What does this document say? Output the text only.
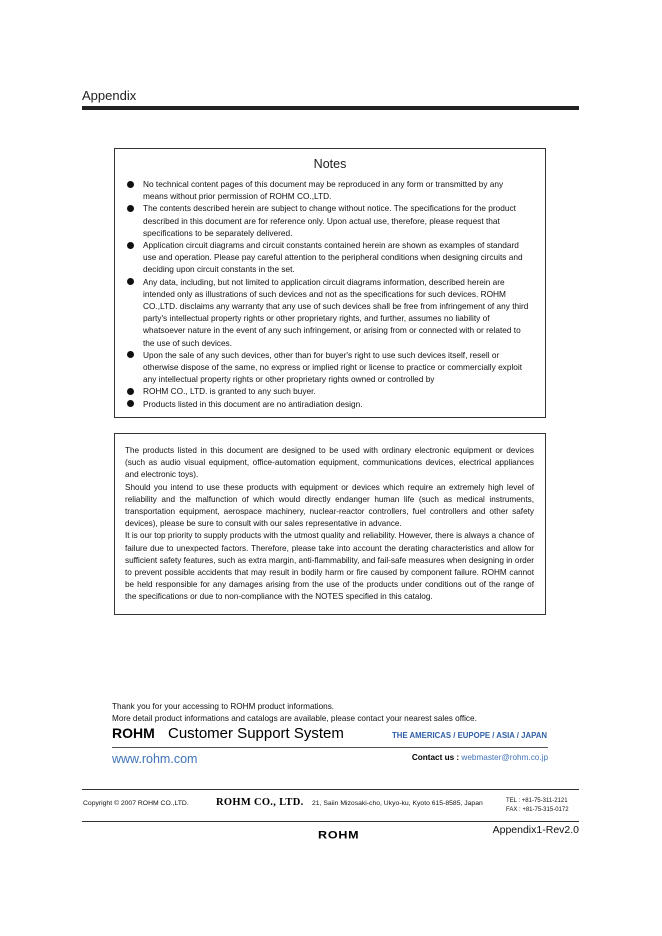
Appendix
Notes
No technical content pages of this document may be reproduced in any form or transmitted by any means without prior permission of ROHM CO.,LTD.
The contents described herein are subject to change without notice. The specifications for the product described in this document are for reference only. Upon actual use, therefore, please request that specifications to be separately delivered.
Application circuit diagrams and circuit constants contained herein are shown as examples of standard use and operation. Please pay careful attention to the peripheral conditions when designing circuits and deciding upon circuit constants in the set.
Any data, including, but not limited to application circuit diagrams information, described herein are intended only as illustrations of such devices and not as the specifications for such devices. ROHM CO.,LTD. disclaims any warranty that any use of such devices shall be free from infringement of any third party's intellectual property rights or other proprietary rights, and further, assumes no liability of whatsoever nature in the event of any such infringement, or arising from or connected with or related to the use of such devices.
Upon the sale of any such devices, other than for buyer's right to use such devices itself, resell or otherwise dispose of the same, no express or implied right or license to practice or commercially exploit any intellectual property rights or other proprietary rights owned or controlled by
ROHM CO., LTD. is granted to any such buyer.
Products listed in this document are no antiradiation design.

The products listed in this document are designed to be used with ordinary electronic equipment or devices (such as audio visual equipment, office-automation equipment, communications devices, electrical appliances and electronic toys).

Should you intend to use these products with equipment or devices which require an extremely high level of reliability and the malfunction of which would directly endanger human life (such as medical instruments, transportation equipment, aerospace machinery, nuclear-reactor controllers, fuel controllers and other safety devices), please be sure to consult with our sales representative in advance.

It is our top priority to supply products with the utmost quality and reliability. However, there is always a chance of failure due to unexpected factors. Therefore, please take into account the derating characteristics and allow for sufficient safety features, such as extra margin, anti-flammability, and fail-safe measures when designing in order to prevent possible accidents that may result in bodily harm or fire caused by component failure. ROHM cannot be held responsible for any damages arising from the use of the products under conditions out of the range of the specifications or due to non-compliance with the NOTES specified in this catalog.

Thank you for your accessing to ROHM product informations.

More detail product informations and catalogs are available, please contact your nearest sales office.

ROHM Customer Support System	THE AMERICAS / EUPOPE / ASIA / JAPAN
www.rohm.com	Contact us : webmaster@rohm.co.jp
Copyright © 2007 ROHM CO.,LTD.	ROHM CO., LTD. 21, Saiin Mizosaki-cho, Ukyo-ku, Kyoto 615-8585, Japan	TEL : +81-75-311-2121

FAX : +81-75-315-0172

ROHM	Appendix1-Rev2.0
